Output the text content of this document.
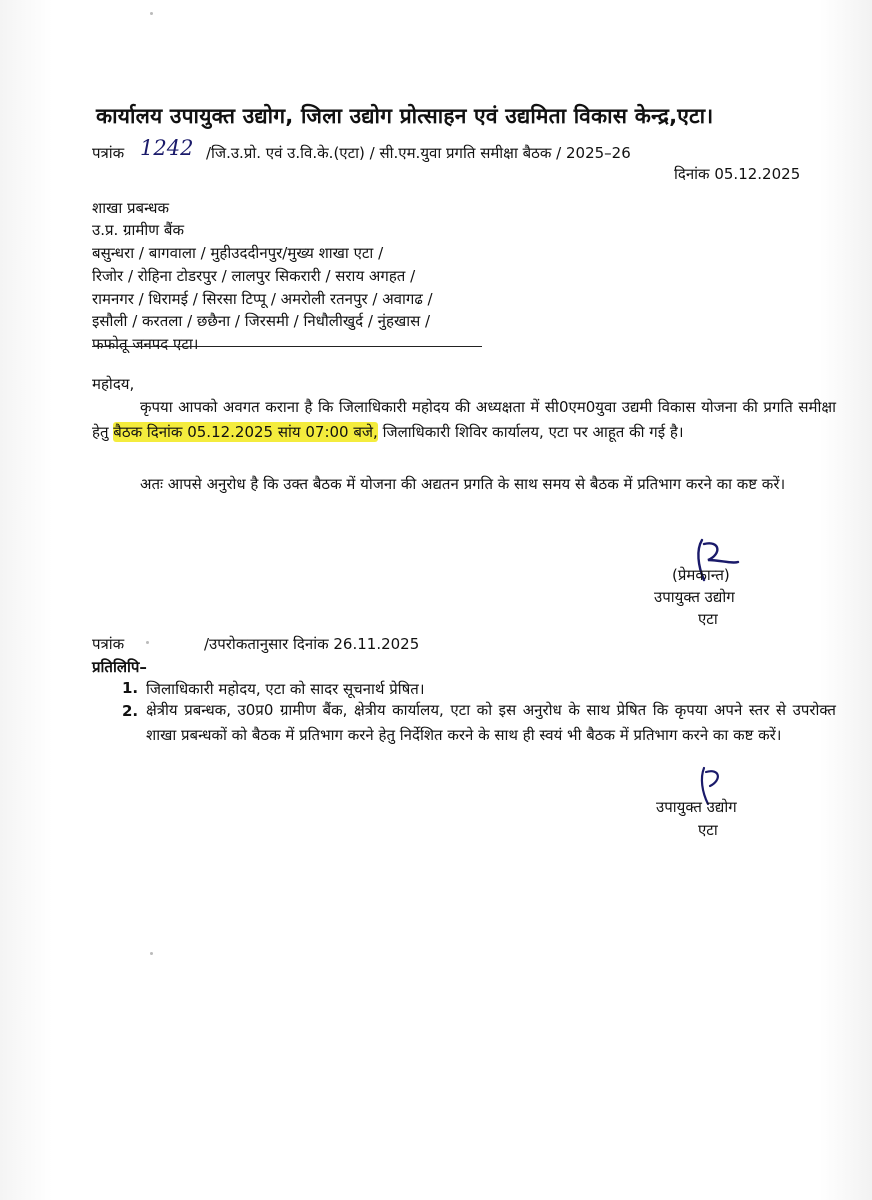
कार्यालय उपायुक्त उद्योग, जिला उद्योग प्रोत्साहन एवं उद्यमिता विकास केन्द्र,एटा।
पत्रांक 1242 /जि.उ.प्रो. एवं उ.वि.के.(एटा) / सी.एम.युवा प्रगति समीक्षा बैठक / 2025–26
दिनांक 05.12.2025
शाखा प्रबन्धक
उ.प्र. ग्रामीण बैंक
बसुन्धरा / बागवाला / मुहीउददीनपुर/मुख्य शाखा एटा /
रिजोर / रोहिना टोडरपुर / लालपुर सिकरारी / सराय अगहत /
रामनगर / धिरामई / सिरसा टिप्पू / अमरोली रतनपुर / अवागढ /
इसौली / करतला / छछैना / जिरसमी / निधौलीखुर्द / नुंहखास /
फफोतू जनपद एटा।
महोदय,
कृपया आपको अवगत कराना है कि जिलाधिकारी महोदय की अध्यक्षता में सी0एम0युवा उद्यमी विकास योजना की प्रगति समीक्षा हेतु बैठक दिनांक 05.12.2025 सांय 07:00 बजे, जिलाधिकारी शिविर कार्यालय, एटा पर आहूत की गई है।
अतः आपसे अनुरोध है कि उक्त बैठक में योजना की अद्यतन प्रगति के साथ समय से बैठक में प्रतिभाग करने का कष्ट करें।
(प्रेमकान्त)
उपायुक्त उद्योग
एटा
पत्रांक	/उपरोकतानुसार दिनांक 26.11.2025
प्रतिलिपि–
1. जिलाधिकारी महोदय, एटा को सादर सूचनार्थ प्रेषित।
2. क्षेत्रीय प्रबन्धक, उ0प्र0 ग्रामीण बैंक, क्षेत्रीय कार्यालय, एटा को इस अनुरोध के साथ प्रेषित कि कृपया अपने स्तर से उपरोक्त शाखा प्रबन्धकों को बैठक में प्रतिभाग करने हेतु निर्देशित करने के साथ ही स्वयं भी बैठक में प्रतिभाग करने का कष्ट करें।
उपायुक्त उद्योग
एटा
